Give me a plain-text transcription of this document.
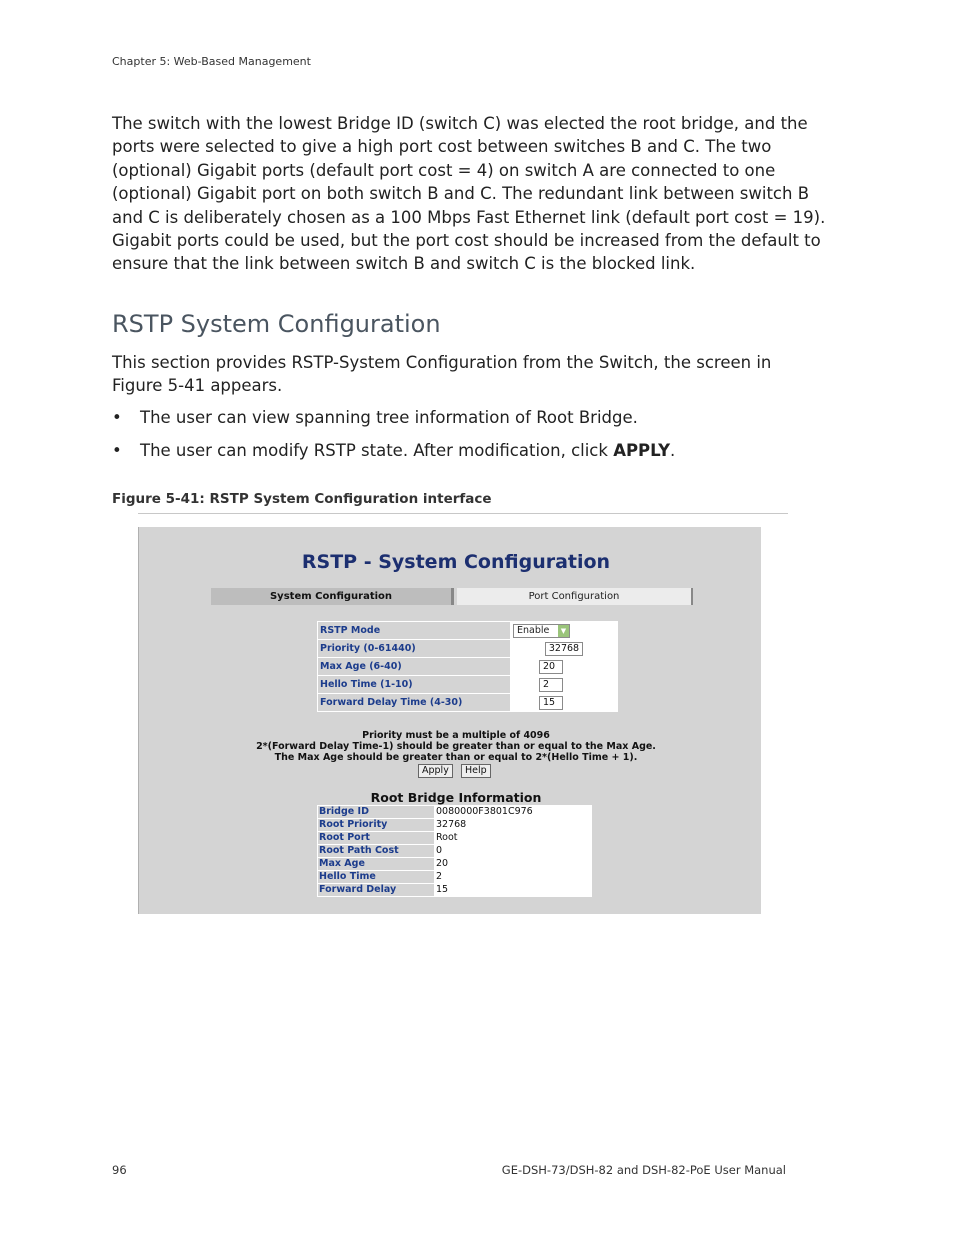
Chapter 5: Web-Based Management
The switch with the lowest Bridge ID (switch C) was elected the root bridge, and the
ports were selected to give a high port cost between switches B and C. The two
(optional) Gigabit ports (default port cost = 4) on switch A are connected to one
(optional) Gigabit port on both switch B and C. The redundant link between switch B
and C is deliberately chosen as a 100 Mbps Fast Ethernet link (default port cost = 19).
Gigabit ports could be used, but the port cost should be increased from the default to
ensure that the link between switch B and switch C is the blocked link.
RSTP System Configuration
This section provides RSTP-System Configuration from the Switch, the screen in
Figure 5-41 appears.
• The user can view spanning tree information of Root Bridge.
• The user can modify RSTP state. After modification, click APPLY.
Figure 5-41: RSTP System Configuration interface
RSTP - System Configuration
System Configuration	Port Configuration
RSTP Mode	Enable ▼

Priority (0-61440)	32768
Max Age (6-40)	20
Hello Time (1-10)	2
Forward Delay Time (4-30)	15
Priority must be a multiple of 4096
2*(Forward Delay Time-1) should be greater than or equal to the Max Age.
The Max Age should be greater than or equal to 2*(Hello Time + 1).
Apply	Help
Root Bridge Information
Bridge ID	0080000F3801C976
Root Priority	32768
Root Port	Root
Root Path Cost	0
Max Age	20
Hello Time	2
Forward Delay	15
96	GE-DSH-73/DSH-82 and DSH-82-PoE User Manual
